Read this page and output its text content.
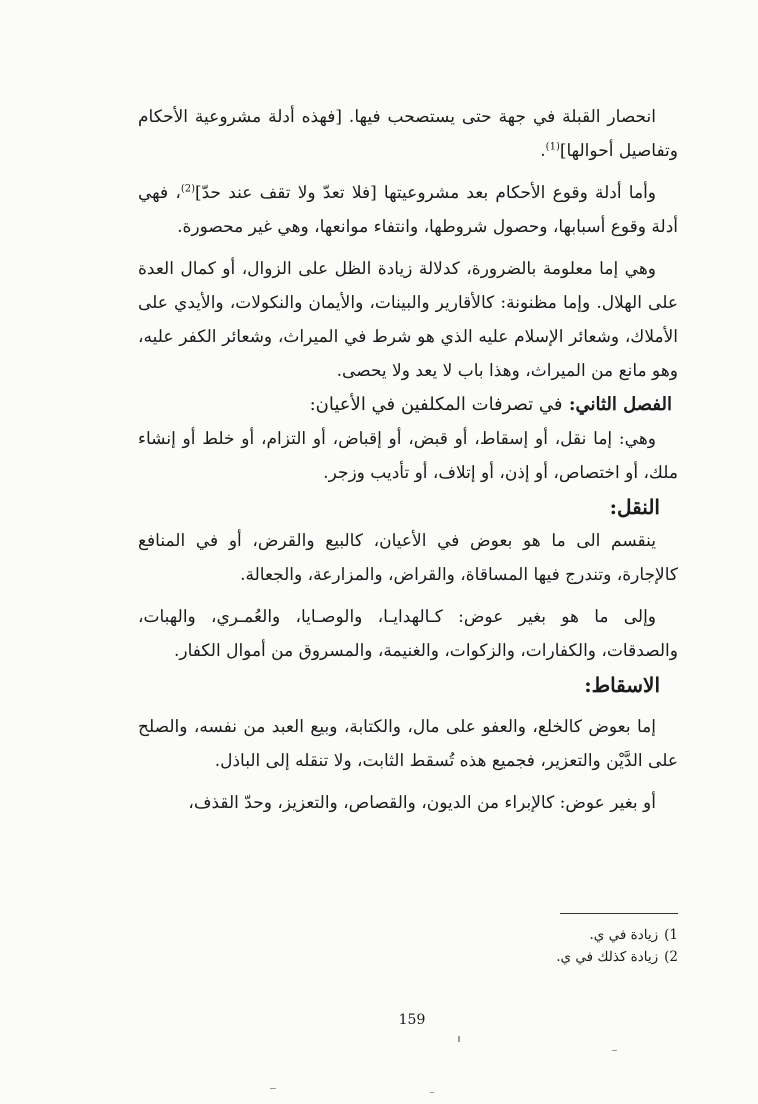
انحصار القبلة في جهة حتى يستصحب فيها. [فهذه أدلة مشروعية الأحكام وتفاصيل أحوالها]$^{(1)}$.

وأما أدلة وقوع الأحكام بعد مشروعيتها [فلا تعدّ ولا تقف عند حدّ]$^{(2)}$، فهي أدلة وقوع أسبابها، وحصول شروطها، وانتفاء موانعها، وهي غير محصورة.

وهي إما معلومة بالضرورة، كدلالة زيادة الظل على الزوال، أو كمال العدة على الهلال. وإما مظنونة: كالأقارير والبينات، والأيمان والنكولات، والأيدي على الأملاك، وشعائر الإسلام عليه الذي هو شرط في الميراث، وشعائر الكفر عليه، وهو مانع من الميراث، وهذا باب لا يعد ولا يحصى.

الفصل الثاني: في تصرفات المكلفين في الأعيان:

وهي: إما نقل، أو إسقاط، أو قبض، أو إقباض، أو التزام، أو خلط أو إنشاء ملك، أو اختصاص، أو إذن، أو إتلاف، أو تأديب وزجر.

النقل:

ينقسم الى ما هو بعوض في الأعيان، كالبيع والقرض، أو في المنافع كالإجارة، وتندرج فيها المساقاة، والقراض، والمزارعة، والجعالة.

وإلى ما هو بغير عوض: كـالهدايـا، والوصـايا، والعُمـري، والهبات، والصدقات، والكفارات، والزكوات، والغنيمة، والمسروق من أموال الكفار.

الاسقاط:

إما بعوض كالخلع، والعفو على مال، والكتابة، وبيع العبد من نفسه، والصلح على الدَّيْن والتعزير، فجميع هذه تُسقط الثابت، ولا تنقله إلى الباذل.

أو بغير عوض: كالإبراء من الديون، والقصاص، والتعزيز، وحدّ القذف،

1)زيادة في ي.

2)زيادة كذلك في ي.

159
